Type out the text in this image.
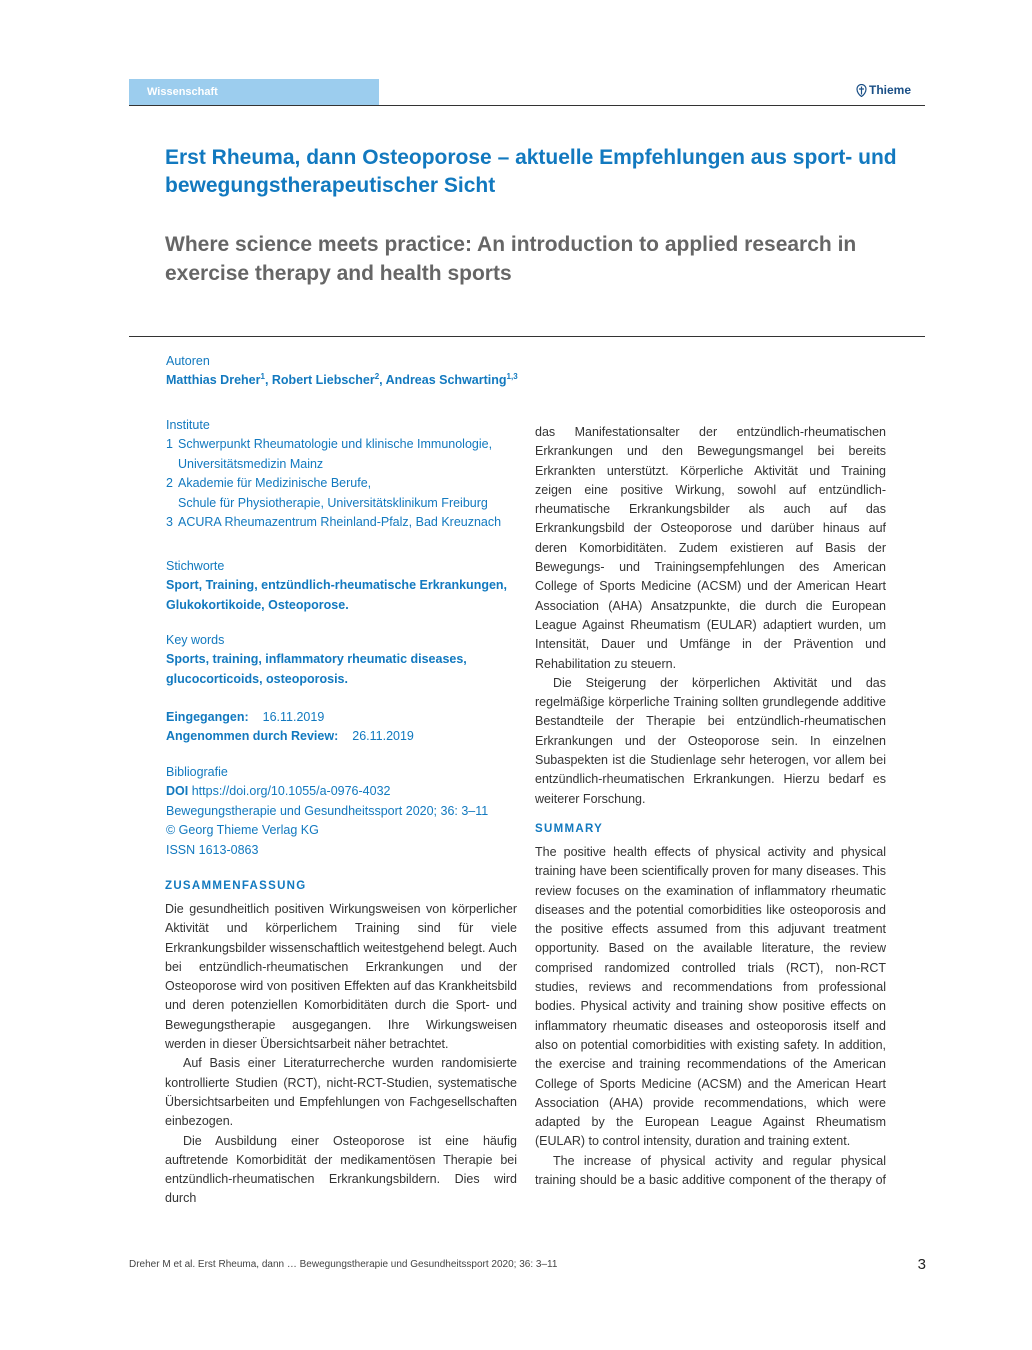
Wissenschaft	Thieme
Erst Rheuma, dann Osteoporose – aktuelle Empfehlungen aus sport- und bewegungstherapeutischer Sicht
Where science meets practice: An introduction to applied research in exercise therapy and health sports
Autoren
Matthias Dreher$^1$, Robert Liebscher$^2$, Andreas Schwarting$^{1,3}$
Institute
1 Schwerpunkt Rheumatologie und klinische Immunologie,
Universitätsmedizin Mainz
2 Akademie für Medizinische Berufe,
Schule für Physiotherapie, Universitätsklinikum Freiburg
3 ACURA Rheumazentrum Rheinland-Pfalz, Bad Kreuznach
Stichworte
Sport, Training, entzündlich-rheumatische Erkrankungen, Glukokortikoide, Osteoporose.
Key words
Sports, training, inflammatory rheumatic diseases, glucocorticoids, osteoporosis.
Eingegangen: 16.11.2019
Angenommen durch Review: 26.11.2019
Bibliografie
DOI https://doi.org/10.1055/a-0976-4032
Bewegungstherapie und Gesundheitssport 2020; 36: 3–11
© Georg Thieme Verlag KG
ISSN 1613-0863
ZUSAMMENFASSUNG
Die gesundheitlich positiven Wirkungsweisen von körperlicher Aktivität und körperlichem Training sind für viele Erkrankungsbilder wissenschaftlich weitestgehend belegt. Auch bei entzündlich-rheumatischen Erkrankungen und der Osteoporose wird von positiven Effekten auf das Krankheitsbild und deren potenziellen Komorbiditäten durch die Sport- und Bewegungstherapie ausgegangen. Ihre Wirkungsweisen werden in dieser Übersichtsarbeit näher betrachtet.
Auf Basis einer Literaturrecherche wurden randomisierte kontrollierte Studien (RCT), nicht-RCT-Studien, systematische Übersichtsarbeiten und Empfehlungen von Fachgesellschaften einbezogen.
Die Ausbildung einer Osteoporose ist eine häufig auftretende Komorbidität der medikamentösen Therapie bei entzündlich-rheumatischen Erkrankungsbildern. Dies wird durch
das Manifestationsalter der entzündlich-rheumatischen Erkrankungen und den Bewegungsmangel bei bereits Erkrankten unterstützt. Körperliche Aktivität und Training zeigen eine positive Wirkung, sowohl auf entzündlich-rheumatische Erkrankungsbilder als auch auf das Erkrankungsbild der Osteoporose und darüber hinaus auf deren Komorbiditäten. Zudem existieren auf Basis der Bewegungs- und Trainingsempfehlungen des American College of Sports Medicine (ACSM) und der American Heart Association (AHA) Ansatzpunkte, die durch die European League Against Rheumatism (EULAR) adaptiert wurden, um Intensität, Dauer und Umfänge in der Prävention und Rehabilitation zu steuern.
Die Steigerung der körperlichen Aktivität und das regelmäßige körperliche Training sollten grundlegende additive Bestandteile der Therapie bei entzündlich-rheumatischen Erkrankungen und der Osteoporose sein. In einzelnen Subaspekten ist die Studienlage sehr heterogen, vor allem bei entzündlich-rheumatischen Erkrankungen. Hierzu bedarf es weiterer Forschung.
SUMMARY
The positive health effects of physical activity and physical training have been scientifically proven for many diseases. This review focuses on the examination of inflammatory rheumatic diseases and the potential comorbidities like osteoporosis and the positive effects assumed from this adjuvant treatment opportunity. Based on the available literature, the review comprised randomized controlled trials (RCT), non-RCT studies, reviews and recommendations from professional bodies. Physical activity and training show positive effects on inflammatory rheumatic diseases and osteoporosis itself and also on potential comorbidities with existing safety. In addition, the exercise and training recommendations of the American College of Sports Medicine (ACSM) and the American Heart Association (AHA) provide recommendations, which were adapted by the European League Against Rheumatism (EULAR) to control intensity, duration and training extent.
The increase of physical activity and regular physical training should be a basic additive component of the therapy of
Dreher M et al. Erst Rheuma, dann … Bewegungstherapie und Gesundheitssport 2020; 36: 3–11	3
